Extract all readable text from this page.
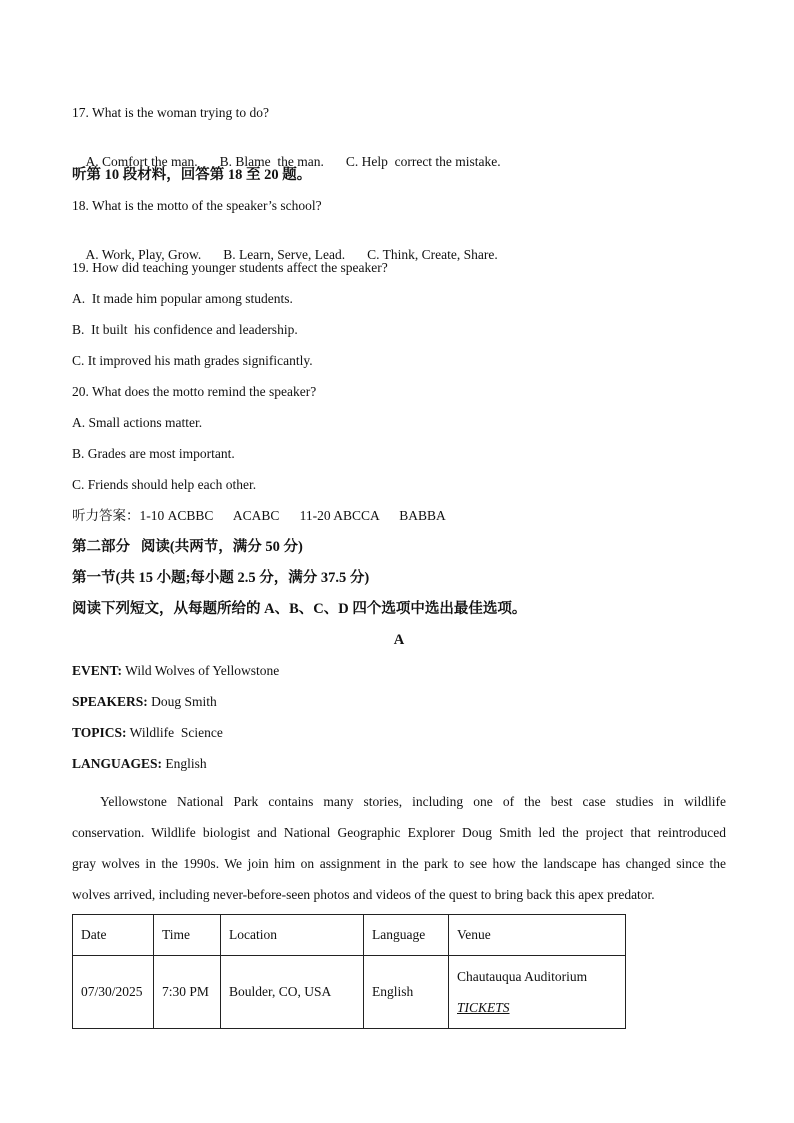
17. What is the woman trying to do?

A. Comfort the man. B. Blame  the man. C. Help  correct the mistake.

听第 10 段材料，回答第 18 至 20 题。
18. What is the motto of the speaker’s school?

A. Work, Play, Grow. B. Learn, Serve, Lead. C. Think, Create, Share.

19. How did teaching younger students affect the speaker?
A.  It made him popular among students.
B.  It built  his confidence and leadership.
C. It improved his math grades significantly.
20. What does the motto remind the speaker?
A. Small actions matter.
B. Grades are most important.
C. Friends should help each other.
听力答案：1-10 ACBBC      ACABC      11-20 ABCCA      BABBA
第二部分   阅读(共两节，满分 50 分)
第一节(共 15 小题;每小题 2.5 分，满分 37.5 分)
阅读下列短文，从每题所给的 A、B、C、D 四个选项中选出最佳选项。
A
EVENT: Wild Wolves of Yellowstone
SPEAKERS: Doug Smith
TOPICS: Wildlife  Science
LANGUAGES: English
Yellowstone National Park contains many stories, including one of the best case studies in wildlife
conservation. Wildlife biologist and National Geographic Explorer Doug Smith led the project that reintroduced
gray wolves in the 1990s. We join him on assignment in the park to see how the landscape has changed since the
wolves arrived, including never-before-seen photos and videos of the quest to bring back this apex predator.
Date	Time	Location	Language	Venue
07/30/2025	7:30 PM	Boulder, CO, USA	English	Chautauqua Auditorium
TICKETS
